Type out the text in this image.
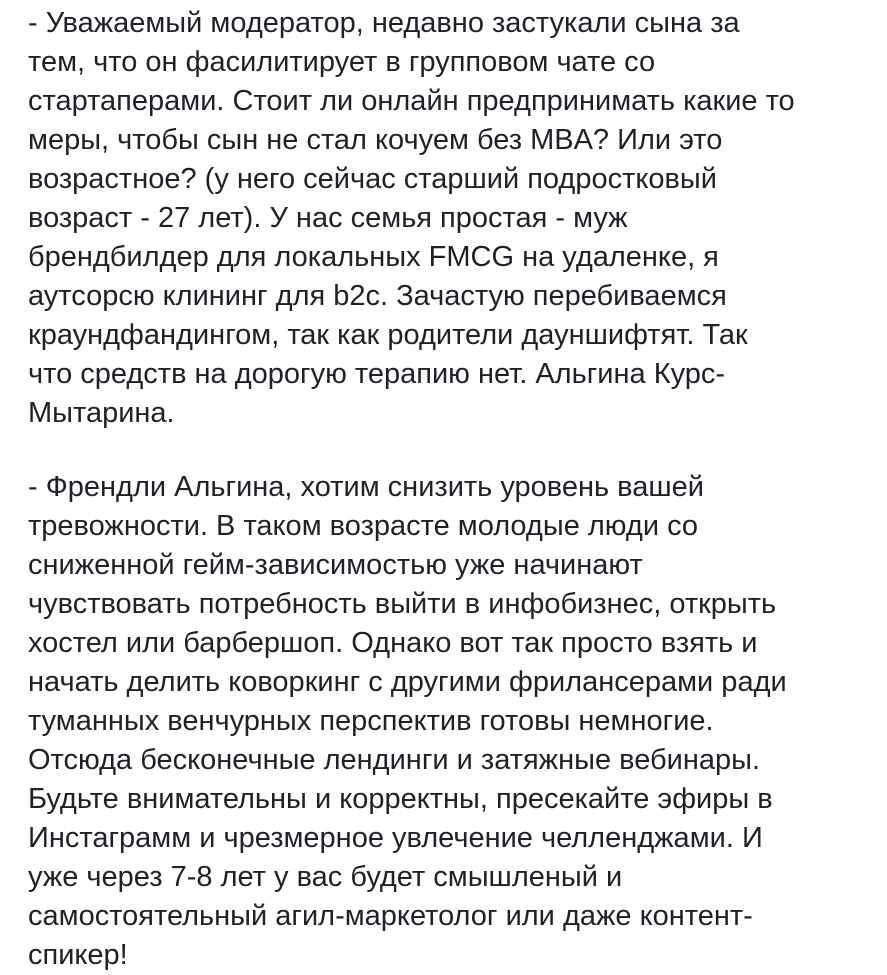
- Уважаемый модератор, недавно застукали сына за
тем, что он фасилитирует в групповом чате со
стартаперами. Стоит ли онлайн предпринимать какие то
меры, чтобы сын не стал кочуем без MBA? Или это
возрастное? (у него сейчас старший подростковый
возраст - 27 лет). У нас семья простая - муж
брендбилдер для локальных FMCG на удаленке, я
аутсорсю клининг для b2c. Зачастую перебиваемся
краундфандингом, так как родители дауншифтят. Так
что средств на дорогую терапию нет. Альгина Курс-
Мытарина.
- Френдли Альгина, хотим снизить уровень вашей
тревожности. В таком возрасте молодые люди со
сниженной гейм-зависимостью уже начинают
чувствовать потребность выйти в инфобизнес, открыть
хостел или барбершоп. Однако вот так просто взять и
начать делить коворкинг с другими фрилансерами ради
туманных венчурных перспектив готовы немногие.
Отсюда бесконечные лендинги и затяжные вебинары.
Будьте внимательны и корректны, пресекайте эфиры в
Инстаграмм и чрезмерное увлечение челленджами. И
уже через 7-8 лет у вас будет смышленый и
самостоятельный агил-маркетолог или даже контент-
спикер!
